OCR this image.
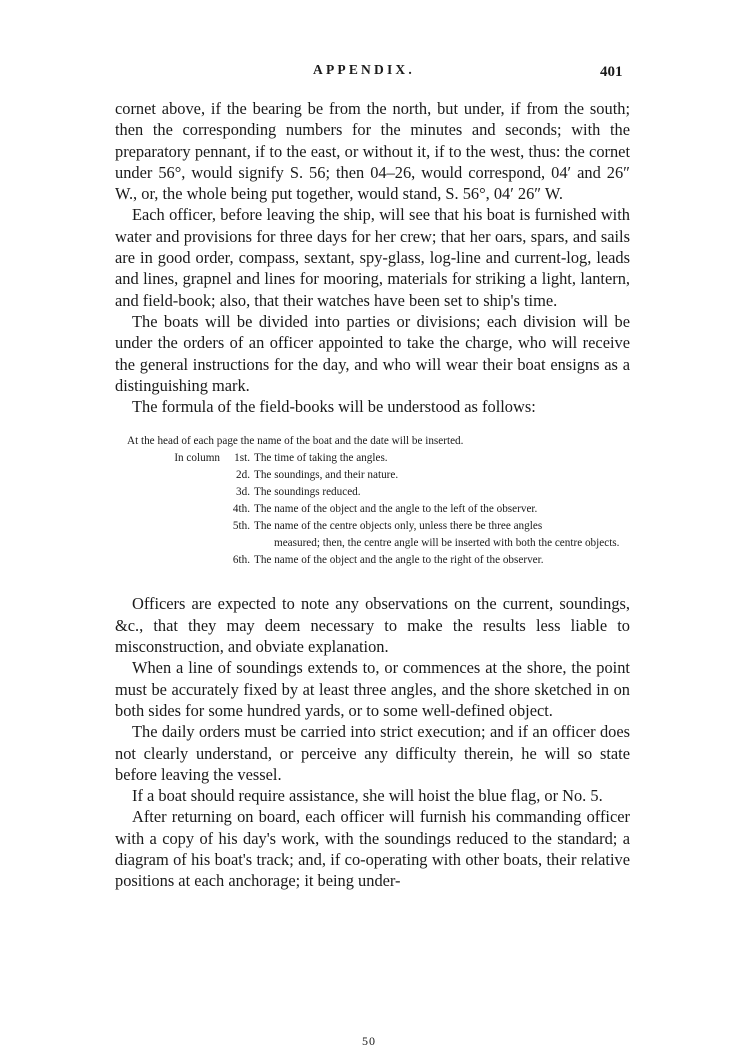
APPENDIX.	401

cornet above, if the bearing be from the north, but under, if from the south; then the corresponding numbers for the minutes and seconds; with the preparatory pennant, if to the east, or without it, if to the west, thus: the cornet under 56°, would signify S. 56; then 04–26, would correspond, 04′ and 26″ W., or, the whole being put together, would stand, S. 56°, 04′ 26″ W.

Each officer, before leaving the ship, will see that his boat is furnished with water and provisions for three days for her crew; that her oars, spars, and sails are in good order, compass, sextant, spy-glass, log-line and current-log, leads and lines, grapnel and lines for mooring, materials for striking a light, lantern, and field-book; also, that their watches have been set to ship's time.

The boats will be divided into parties or divisions; each division will be under the orders of an officer appointed to take the charge, who will receive the general instructions for the day, and who will wear their boat ensigns as a distinguishing mark.

The formula of the field-books will be understood as follows:

At the head of each page the name of the boat and the date will be inserted.
In column	1st. The time of taking the angles.
2d. The soundings, and their nature.
3d. The soundings reduced.
4th. The name of the object and the angle to the left of the observer.
5th. The name of the centre objects only, unless there be three angles
measured; then, the centre angle will be inserted with both the centre objects.
6th. The name of the object and the angle to the right of the observer.

Officers are expected to note any observations on the current, soundings, &c., that they may deem necessary to make the results less liable to misconstruction, and obviate explanation.

When a line of soundings extends to, or commences at the shore, the point must be accurately fixed by at least three angles, and the shore sketched in on both sides for some hundred yards, or to some well-defined object.

The daily orders must be carried into strict execution; and if an officer does not clearly understand, or perceive any difficulty therein, he will so state before leaving the vessel.

If a boat should require assistance, she will hoist the blue flag, or No. 5.

After returning on board, each officer will furnish his commanding officer with a copy of his day's work, with the soundings reduced to the standard; a diagram of his boat's track; and, if co-operating with other boats, their relative positions at each anchorage; it being under-

50
